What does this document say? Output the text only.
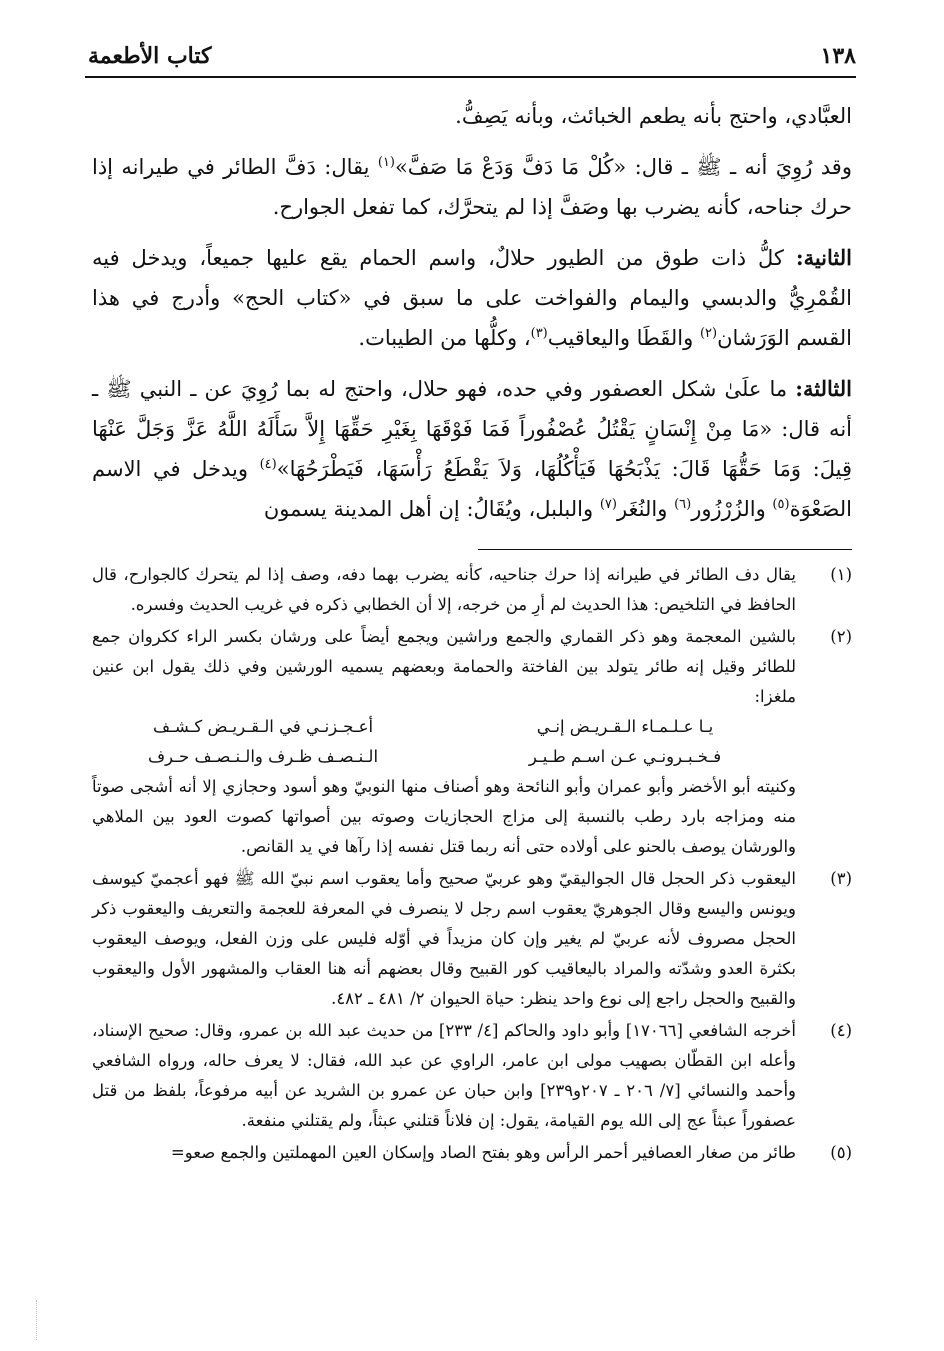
١٣٨
كتاب الأطعمة

العبَّادي، واحتج بأنه يطعم الخبائث، وبأنه يَصِفُّ.

وقد رُوِيَ أنه ـ ﷺ ـ قال: «كُلْ مَا دَفَّ وَدَعْ مَا صَفَّ»$^{(١)}$ يقال: دَفَّ الطائر في طيرانه إذا حرك جناحه، كأنه يضرب بها وصَفَّ إذا لم يتحرَّك، كما تفعل الجوارح.

الثانية: كلُّ ذات طوق من الطيور حلالٌ، واسم الحمام يقع عليها جميعاً، ويدخل فيه القُمْرِيُّ والدبسي واليمام والفواخت على ما سبق في «كتاب الحج» وأدرج في هذا القسم الوَرَشان$^{(٢)}$ والقَطَا واليعاقيب$^{(٣)}$، وكلُّها من الطيبات.

الثالثة: ما علَىٰ شكل العصفور وفي حده، فهو حلال، واحتج له بما رُوِيَ عن ـ النبي ﷺ ـ أنه قال: «مَا مِنْ إِنْسَانٍ يَقْتُلُ عُصْفُوراً فَمَا فَوْقَهَا بِغَيْرِ حَقِّهَا إِلاَّ سَأَلَهُ اللَّهُ عَزَّ وَجَلَّ عَنْهَا قِيلَ: وَمَا حَقُّهَا قَالَ: يَذْبَحُهَا فَيَأْكُلُهَا، وَلاَ يَقْطَعُ رَأْسَهَا، فَيَطْرَحُهَا»$^{(٤)}$ ويدخل في الاسم الصَعْوَة$^{(٥)}$ والزُرْزُور$^{(٦)}$ والنُغَر$^{(٧)}$ والبلبل، ويُقَالُ: إن أهل المدينة يسمون

(١)
يقال دف الطائر في طيرانه إذا حرك جناحيه، كأنه يضرب بهما دفه، وصف إذا لم يتحرك كالجوارح، قال الحافظ في التلخيص: هذا الحديث لم أرِ من خرجه، إلا أن الخطابي ذكره في غريب الحديث وفسره.
(٢)
بالشين المعجمة وهو ذكر القماري والجمع وراشين ويجمع أيضاً على ورشان بكسر الراء ككروان جمع للطائر وقيل إنه طائر يتولد بين الفاختة والحمامة وبعضهم يسميه الورشين وفي ذلك يقول ابن عنين ملغزا:
يـا عـلـمـاء الـقـريـض إنـي
أعـجـزنـي في الـقـريـض كـشـف
فـخـبـرونـي عـن اسـم طـيـر
الـنـصـف ظـرف والـنـصـف حـرف
وكنيته أبو الأخضر وأبو عمران وأبو النائحة وهو أصناف منها النوبيّ وهو أسود وحجازي إلا أنه أشجى صوتاً منه ومزاجه بارد رطب بالنسبة إلى مزاج الحجازيات وصوته بين أصواتها كصوت العود بين الملاهي والورشان يوصف بالحنو على أولاده حتى أنه ربما قتل نفسه إذا رآها في يد القانص.
(٣)
اليعقوب ذكر الحجل قال الجواليقيّ وهو عربيّ صحيح وأما يعقوب اسم نبيّ الله ﷺ فهو أعجميّ كيوسف ويونس واليسع وقال الجوهريّ يعقوب اسم رجل لا ينصرف في المعرفة للعجمة والتعريف واليعقوب ذكر الحجل مصروف لأنه عربيّ لم يغير وإن كان مزيداً في أوّله فليس على وزن الفعل، ويوصف اليعقوب بكثرة العدو وشدّته والمراد باليعاقيب كور القبيح وقال بعضهم أنه هنا العقاب والمشهور الأول واليعقوب والقبيح والحجل راجع إلى نوع واحد ينظر: حياة الحيوان ٢/ ٤٨١ ـ ٤٨٢.
(٤)
أخرجه الشافعي [١٧٠٦٦] وأبو داود والحاكم [٤/ ٢٣٣] من حديث عبد الله بن عمرو، وقال: صحيح الإسناد، وأعله ابن القطّان بصهيب مولى ابن عامر، الراوي عن عبد الله، فقال: لا يعرف حاله، ورواه الشافعي وأحمد والنسائي [٧/ ٢٠٦ ـ ٢٠٧و٢٣٩] وابن حبان عن عمرو بن الشريد عن أبيه مرفوعاً، بلفظ من قتل عصفوراً عبثاً عج إلى الله يوم القيامة، يقول: إن فلاناً قتلني عبثاً، ولم يقتلني منفعة.
(٥)
طائر من صغار العصافير أحمر الرأس وهو بفتح الصاد وإسكان العين المهملتين والجمع صعو=
